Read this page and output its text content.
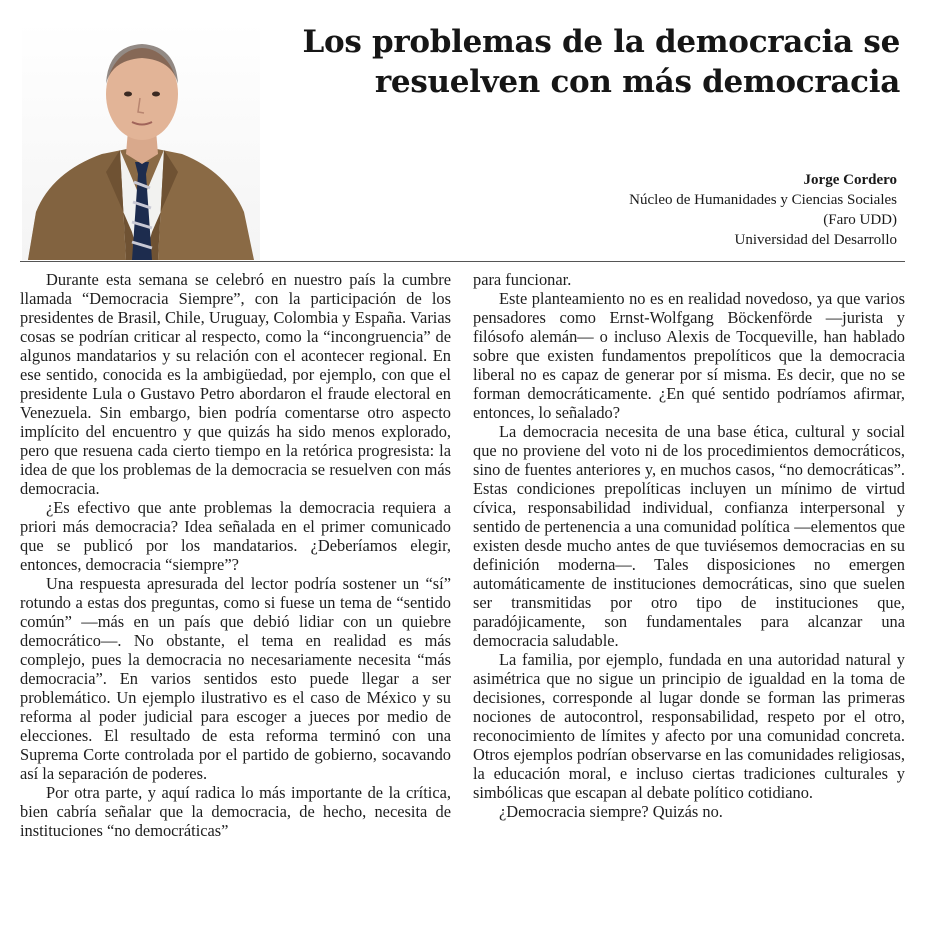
Los problemas de la democracia se resuelven con más democracia
Jorge Cordero
Núcleo de Humanidades y Ciencias Sociales
(Faro UDD)
Universidad del Desarrollo

Durante esta semana se celebró en nuestro país la cumbre llamada “Democracia Siempre”, con la participación de los presidentes de Brasil, Chile, Uruguay, Colombia y España. Varias cosas se podrían criticar al respecto, como la “incongruencia” de algunos mandatarios y su relación con el acontecer regional. En ese sentido, conocida es la ambigüedad, por ejemplo, con que el presidente Lula o Gustavo Petro abordaron el fraude electoral en Venezuela. Sin embargo, bien podría comentarse otro aspecto implícito del encuentro y que quizás ha sido menos explorado, pero que resuena cada cierto tiempo en la retórica progresista: la idea de que los problemas de la democracia se resuelven con más democracia.

¿Es efectivo que ante problemas la democracia requiera a priori más democracia? Idea señalada en el primer comunicado que se publicó por los mandatarios. ¿Deberíamos elegir, entonces, democracia “siempre”?

Una respuesta apresurada del lector podría sostener un “sí” rotundo a estas dos preguntas, como si fuese un tema de “sentido común” —más en un país que debió lidiar con un quiebre democrático—. No obstante, el tema en realidad es más complejo, pues la democracia no necesariamente necesita “más democracia”. En varios sentidos esto puede llegar a ser problemático. Un ejemplo ilustrativo es el caso de México y su reforma al poder judicial para escoger a jueces por medio de elecciones. El resultado de esta reforma terminó con una Suprema Corte controlada por el partido de gobierno, socavando así la separación de poderes.

Por otra parte, y aquí radica lo más importante de la crítica, bien cabría señalar que la democracia, de hecho, necesita de instituciones “no democráticas”

para funcionar.

Este planteamiento no es en realidad novedoso, ya que varios pensadores como Ernst-Wolfgang Böckenförde —jurista y filósofo alemán— o incluso Alexis de Tocqueville, han hablado sobre que existen fundamentos prepolíticos que la democracia liberal no es capaz de generar por sí misma. Es decir, que no se forman democráticamente. ¿En qué sentido podríamos afirmar, entonces, lo señalado?

La democracia necesita de una base ética, cultural y social que no proviene del voto ni de los procedimientos democráticos, sino de fuentes anteriores y, en muchos casos, “no democráticas”. Estas condiciones prepolíticas incluyen un mínimo de virtud cívica, responsabilidad individual, confianza interpersonal y sentido de pertenencia a una comunidad política —elementos que existen desde mucho antes de que tuviésemos democracias en su definición moderna—. Tales disposiciones no emergen automáticamente de instituciones democráticas, sino que suelen ser transmitidas por otro tipo de instituciones que, paradójicamente, son fundamentales para alcanzar una democracia saludable.

La familia, por ejemplo, fundada en una autoridad natural y asimétrica que no sigue un principio de igualdad en la toma de decisiones, corresponde al lugar donde se forman las primeras nociones de autocontrol, responsabilidad, respeto por el otro, reconocimiento de límites y afecto por una comunidad concreta. Otros ejemplos podrían observarse en las comunidades religiosas, la educación moral, e incluso ciertas tradiciones culturales y simbólicas que escapan al debate político cotidiano.

¿Democracia siempre? Quizás no.
